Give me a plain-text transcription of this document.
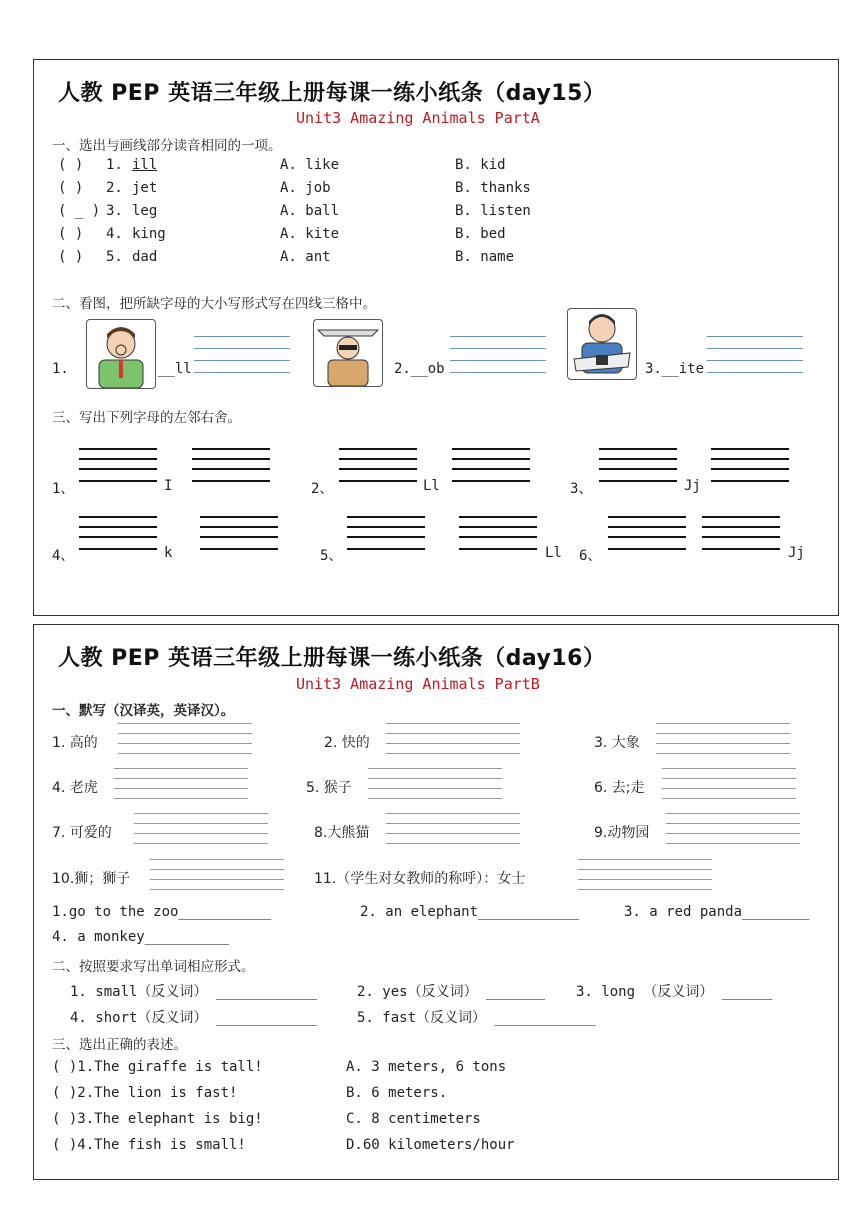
人教 PEP 英语三年级上册每课一练小纸条（day15）
Unit3 Amazing Animals PartA
一、选出与画线部分读音相同的一项。
( ) 1. ill	A. like	B. kid
( ) 2. jet	A. job	B. thanks
( _ ) 3. leg	A. ball	B. listen
( ) 4. king	A. kite	B. bed
( ) 5. dad	A. ant	B. name
二、看图，把所缺字母的大小写形式写在四线三格中。
1.	__ll	2.__ob	3.__ite
三、写出下列字母的左邻右舍。
1、	I	2、	Ll	3、	Jj
4、	k	5、	Ll 6、	Jj
人教 PEP 英语三年级上册每课一练小纸条（day16）
Unit3 Amazing Animals PartB
一、默写（汉译英，英译汉）。
1. 高的	2. 快的	3. 大象
4. 老虎	5. 猴子	6. 去;走
7. 可爱的	8.大熊猫	9.动物园
10.狮；狮子	11.（学生对女教师的称呼）：女士
1.go to the zoo___________	2. an elephant____________	3. a red panda________
4. a monkey__________
二、按照要求写出单词相应形式。
1. small（反义词） ____________	2. yes（反义词） _______ 3. long （反义词） ______
4. short（反义词） ____________	5. fast（反义词） ____________
三、选出正确的表述。
( )1.The giraffe is tall!	A. 3 meters, 6 tons
( )2.The lion is fast!	B. 6 meters.
( )3.The elephant is big!	C. 8 centimeters
( )4.The fish is small!	D.60 kilometers/hour
